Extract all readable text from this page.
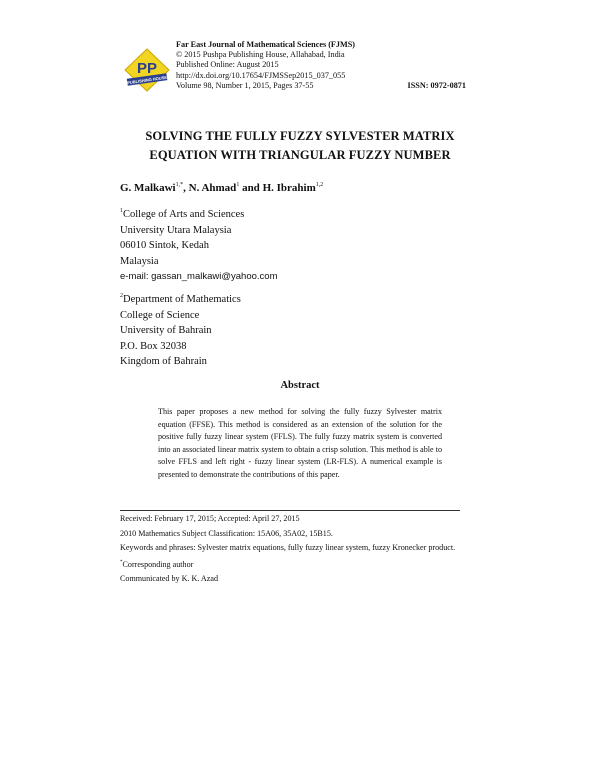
PP
PUBLISHING HOUSE
Far East Journal of Mathematical Sciences (FJMS)
© 2015 Pushpa Publishing House, Allahabad, India
Published Online: August 2015
http://dx.doi.org/10.17654/FJMSSep2015_037_055
Volume 98, Number 1, 2015, Pages 37-55	ISSN: 0972-0871
SOLVING THE FULLY FUZZY SYLVESTER MATRIX
EQUATION WITH TRIANGULAR FUZZY NUMBER
G. Malkawi$^{1,*}$, N. Ahmad$^1$ and H. Ibrahim$^{1,2}$
$^1$College of Arts and Sciences
University Utara Malaysia
06010 Sintok, Kedah
Malaysia
e-mail: gassan_malkawi@yahoo.com
$^2$Department of Mathematics
College of Science
University of Bahrain
P.O. Box 32038
Kingdom of Bahrain
Abstract
This paper proposes a new method for solving the fully fuzzy Sylvester matrix equation (FFSE). This method is considered as an extension of the solution for the positive fully fuzzy linear system (FFLS). The fully fuzzy matrix system is converted into an associated linear matrix system to obtain a crisp solution. This method is able to solve FFLS and left right - fuzzy linear system (LR-FLS). A numerical example is presented to demonstrate the contributions of this paper.
Received: February 17, 2015; Accepted: April 27, 2015
2010 Mathematics Subject Classification: 15A06, 35A02, 15B15.
Keywords and phrases: Sylvester matrix equations, fully fuzzy linear system, fuzzy Kronecker product.
*Corresponding author
Communicated by K. K. Azad
